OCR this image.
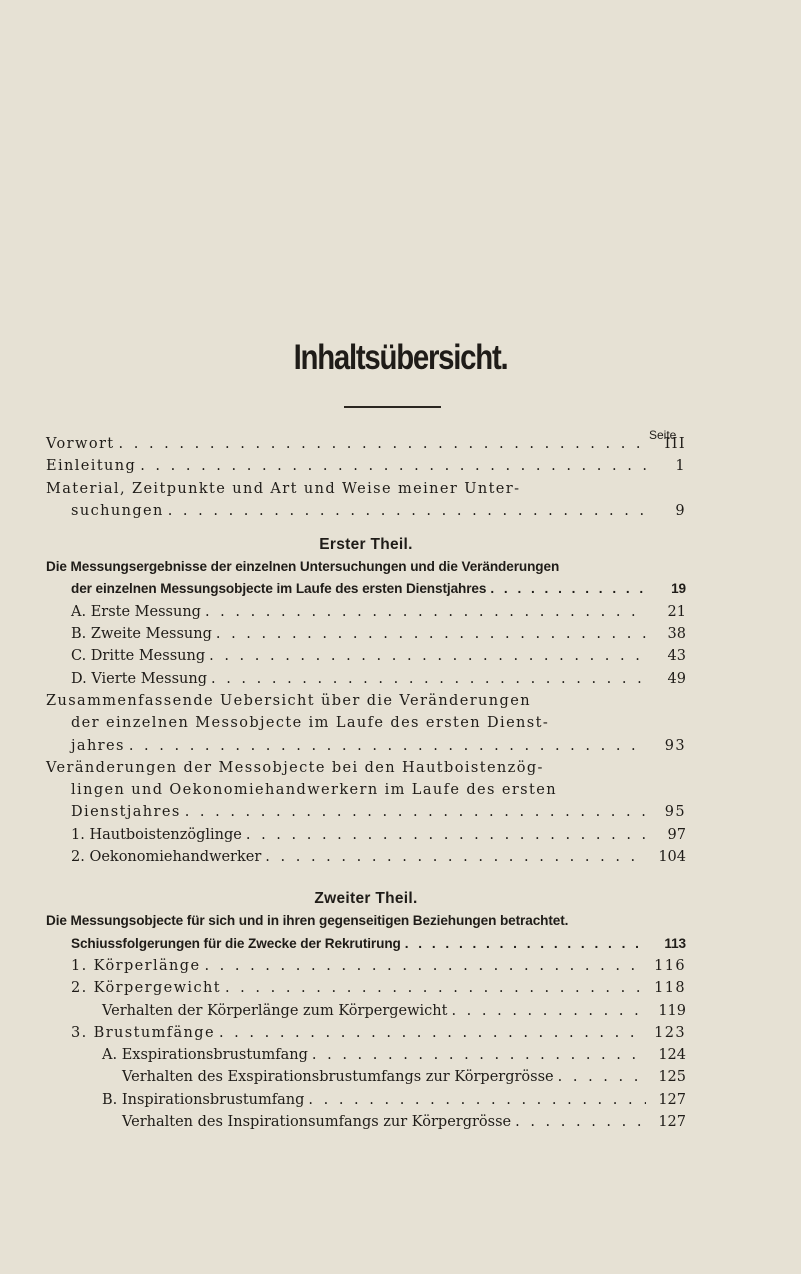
Inhaltsübersicht.
Seite
Vorwort . . .	III
Einleitung . . .	1
Material, Zeitpunkte und Art und Weise meiner Unter-
suchungen . . .	9
Erster Theil.
Die Messungsergebnisse der einzelnen Untersuchungen und die Veränderungen
der einzelnen Messungsobjecte im Laufe des ersten Dienstjahres . . .	19
A. Erste Messung . . .	21
B. Zweite Messung . . .	38
C. Dritte Messung . . .	43
D. Vierte Messung . . .	49
Zusammenfassende Uebersicht über die Veränderungen
der einzelnen Messobjecte im Laufe des ersten Dienst-
jahres . . .	93
Veränderungen der Messobjecte bei den Hautboistenzög-
lingen und Oekonomiehandwerkern im Laufe des ersten
Dienstjahres . . .	95
1. Hautboistenzöglinge . . .	97
2. Oekonomiehandwerker . . .	104
Zweiter Theil.
Die Messungsobjecte für sich und in ihren gegenseitigen Beziehungen betrachtet.
Schiussfolgerungen für die Zwecke der Rekrutirung . . .	113
1. Körperlänge . . .	116
2. Körpergewicht . . .	118
Verhalten der Körperlänge zum Körpergewicht . . .	119
3. Brustumfänge . . .	123
A. Exspirationsbrustumfang . . .	124
Verhalten des Exspirationsbrustumfangs zur Körpergrösse . . .	125
B. Inspirationsbrustumfang . . .	127
Verhalten des Inspirationsumfangs zur Körpergrösse . . .	127
